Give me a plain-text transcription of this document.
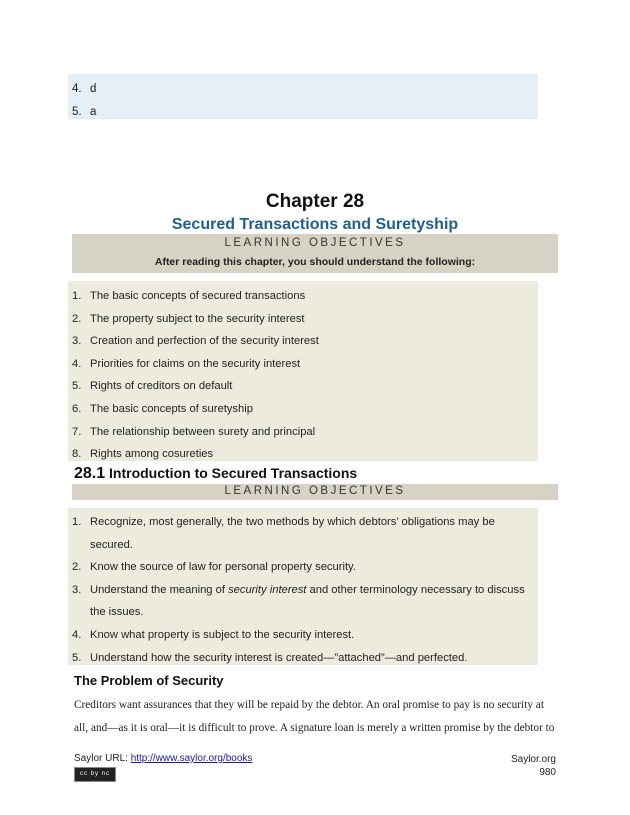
4. d
5. a
Chapter 28
Secured Transactions and Suretyship
LEARNING OBJECTIVES
After reading this chapter, you should understand the following:
1. The basic concepts of secured transactions
2. The property subject to the security interest
3. Creation and perfection of the security interest
4. Priorities for claims on the security interest
5. Rights of creditors on default
6. The basic concepts of suretyship
7. The relationship between surety and principal
8. Rights among cosureties
28.1 Introduction to Secured Transactions
LEARNING OBJECTIVES
1. Recognize, most generally, the two methods by which debtors’ obligations may be
secured.
2. Know the source of law for personal property security.
3. Understand the meaning of security interest and other terminology necessary to discuss
the issues.
4. Know what property is subject to the security interest.
5. Understand how the security interest is created—”attached”—and perfected.
The Problem of Security
Creditors want assurances that they will be repaid by the debtor. An oral promise to pay is no security at
all, and—as it is oral—it is difficult to prove. A signature loan is merely a written promise by the debtor to
Saylor URL: http://www.saylor.org/books
cc by nc sa
Saylor.org
980
